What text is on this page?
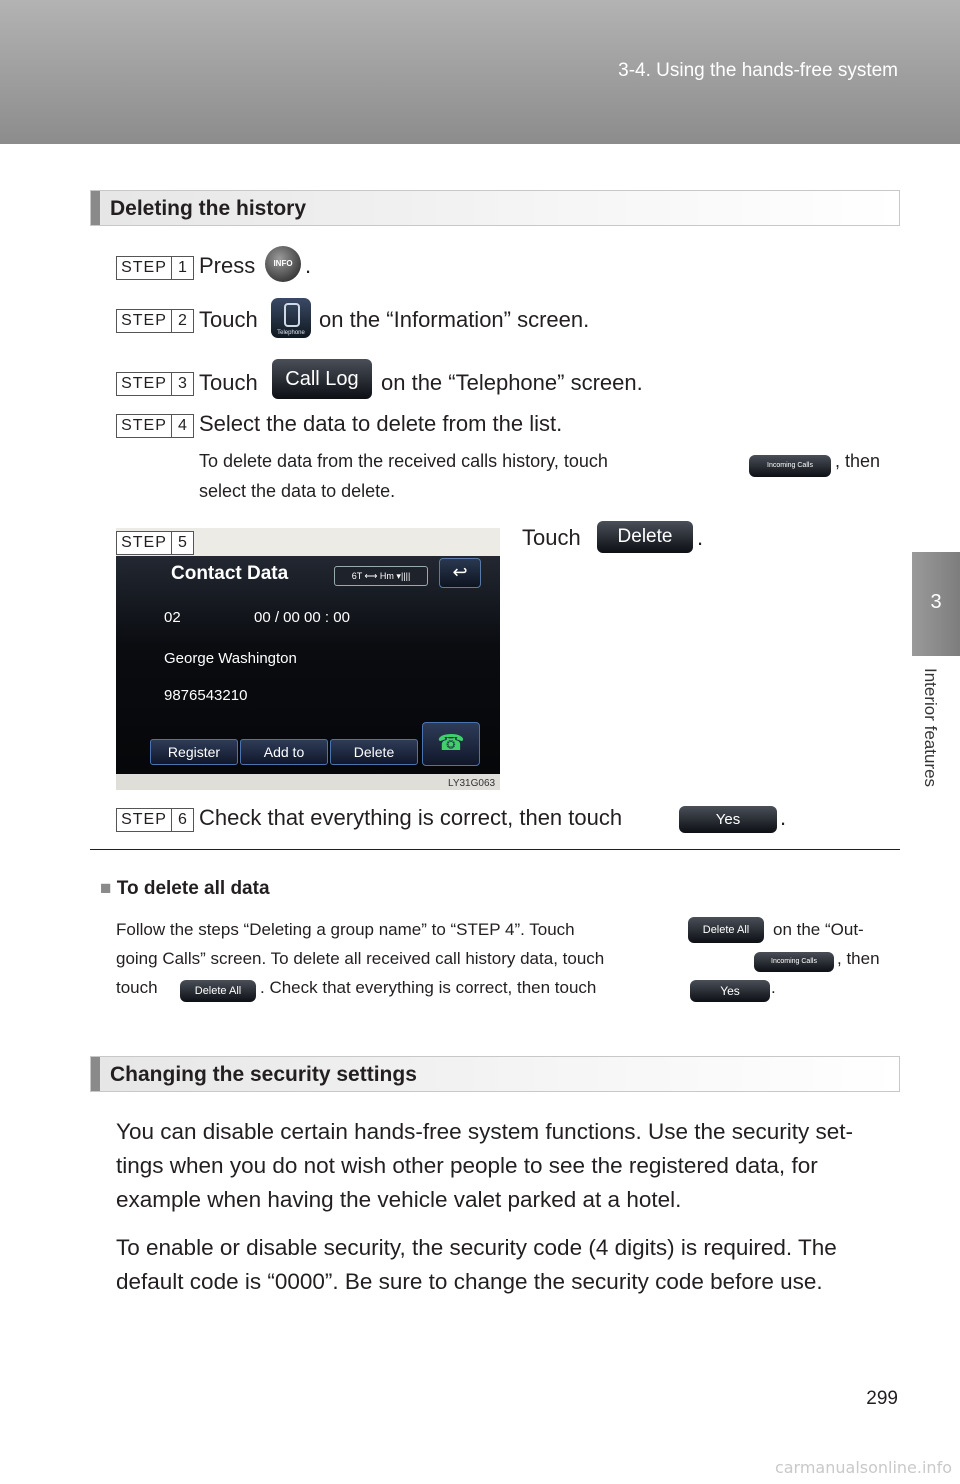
3-4. Using the hands-free system
3
Interior features
Deleting the history
STEP 1 Press	INFO .
STEP 2 Touch
Telephone
on the “Information” screen.
STEP 3 Touch	Call Log	on the “Telephone” screen.
STEP 4 Select the data to delete from the list.
To delete data from the received calls history, touch	Incoming Calls	, then
select the data to delete.
Contact Data	6T ⟷ Hm ▾||||	↩
02	00 / 00 00 : 00
George Washington
9876543210
Register	Add to	Delete	☎
LY31G063
STEP 5	Touch	Delete	.
STEP 6 Check that everything is correct, then touch	Yes	.
■ To delete all data
Follow the steps “Deleting a group name” to “STEP 4”. Touch	Delete All	on the “Out-
going Calls” screen. To delete all received call history data, touch	Incoming Calls	, then
touch	Delete All	. Check that everything is correct, then touch	Yes	.
Changing the security settings
You can disable certain hands-free system functions. Use the security set-
tings when you do not wish other people to see the registered data, for
example when having the vehicle valet parked at a hotel.
To enable or disable security, the security code (4 digits) is required. The
default code is “0000”. Be sure to change the security code before use.
299
carmanualsonline.info
